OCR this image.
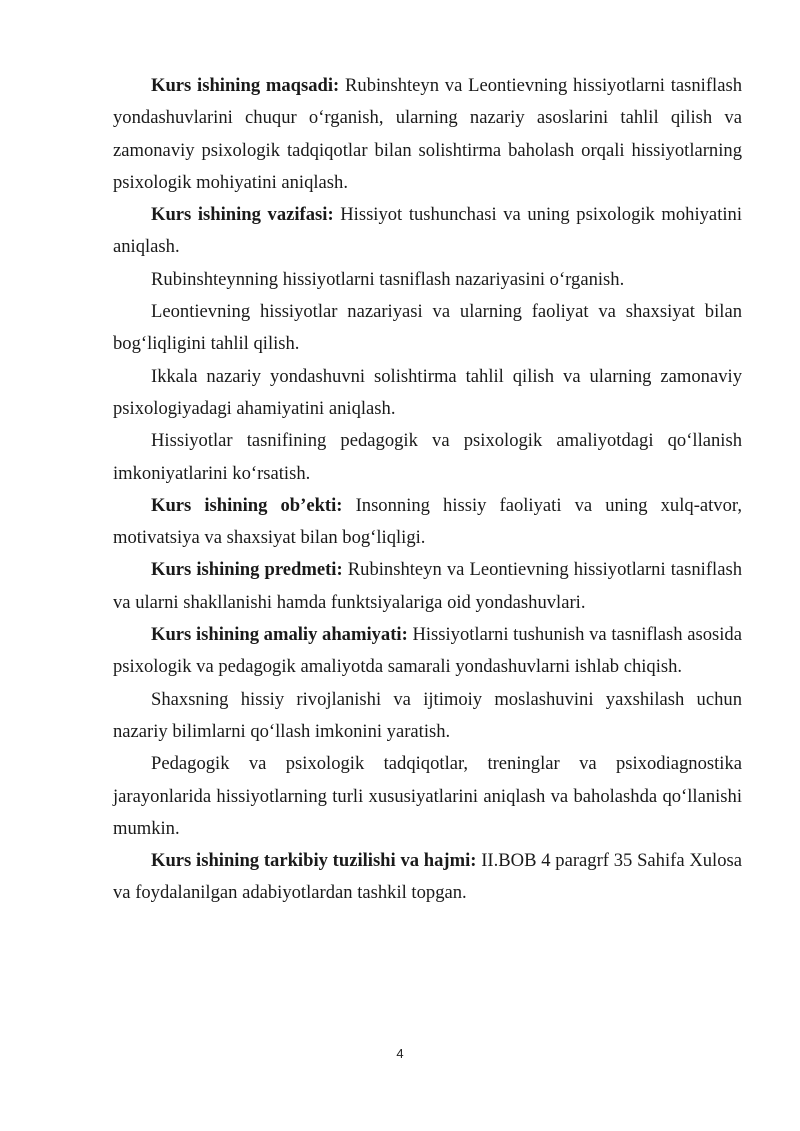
Kurs ishining maqsadi: Rubinshteyn va Leontievning hissiyotlarni tasniflash yondashuvlarini chuqur o‘rganish, ularning nazariy asoslarini tahlil qilish va zamonaviy psixologik tadqiqotlar bilan solishtirma baholash orqali hissiyotlarning psixologik mohiyatini aniqlash.

Kurs ishining vazifasi: Hissiyot tushunchasi va uning psixologik mohiyatini aniqlash.

Rubinshteynning hissiyotlarni tasniflash nazariyasini o‘rganish.

Leontievning hissiyotlar nazariyasi va ularning faoliyat va shaxsiyat bilan bog‘liqligini tahlil qilish.

Ikkala nazariy yondashuvni solishtirma tahlil qilish va ularning zamonaviy psixologiyadagi ahamiyatini aniqlash.

Hissiyotlar tasnifining pedagogik va psixologik amaliyotdagi qo‘llanish imkoniyatlarini ko‘rsatish.

Kurs ishining ob’ekti: Insonning hissiy faoliyati va uning xulq-atvor, motivatsiya va shaxsiyat bilan bog‘liqligi.

Kurs ishining predmeti: Rubinshteyn va Leontievning hissiyotlarni tasniflash va ularni shakllanishi hamda funktsiyalariga oid yondashuvlari.

Kurs ishining amaliy ahamiyati: Hissiyotlarni tushunish va tasniflash asosida psixologik va pedagogik amaliyotda samarali yondashuvlarni ishlab chiqish.

Shaxsning hissiy rivojlanishi va ijtimoiy moslashuvini yaxshilash uchun nazariy bilimlarni qo‘llash imkonini yaratish.

Pedagogik va psixologik tadqiqotlar, treninglar va psixodiagnostika jarayonlarida hissiyotlarning turli xususiyatlarini aniqlash va baholashda qo‘llanishi mumkin.

Kurs ishining tarkibiy tuzilishi va hajmi: II.BOB 4 paragrf 35 Sahifa Xulosa va foydalanilgan adabiyotlardan tashkil topgan.

4
